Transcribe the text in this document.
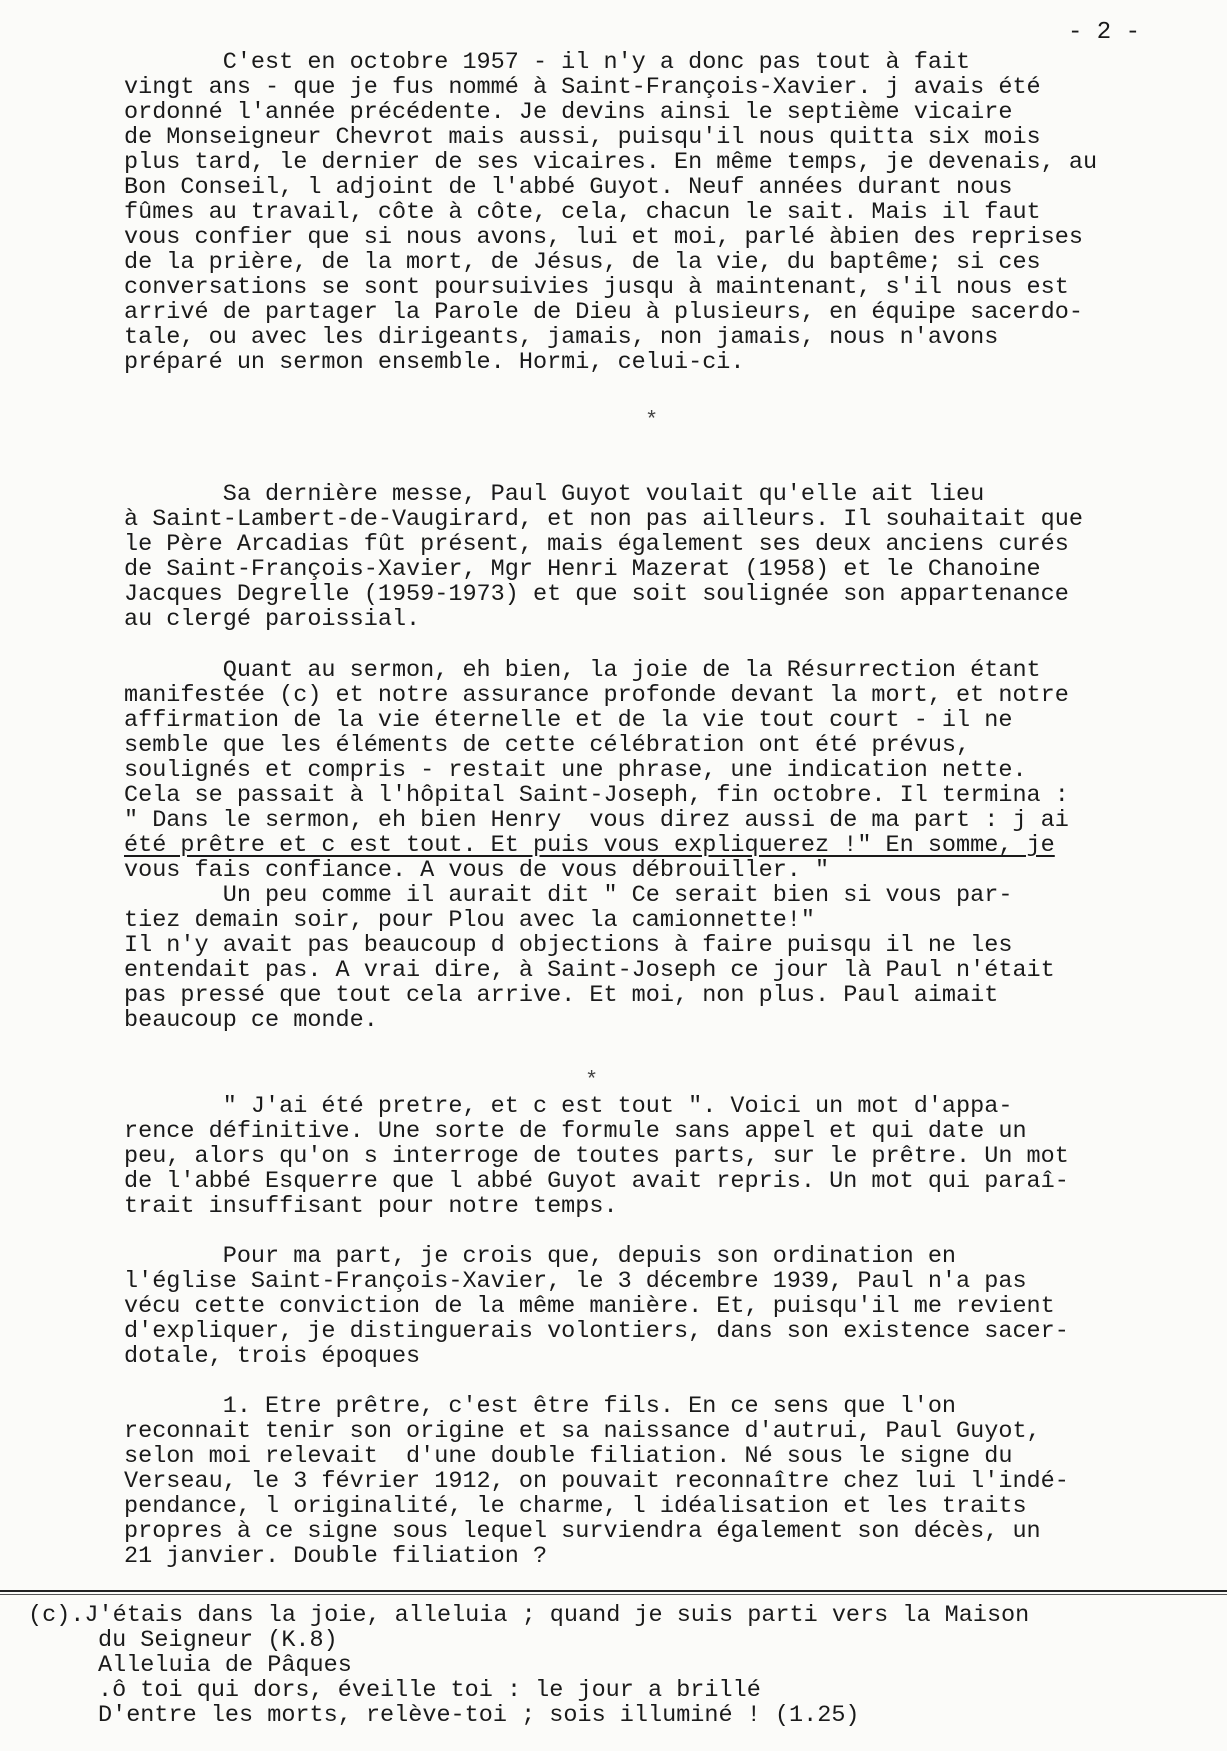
- 2 -
C'est en octobre 1957 - il n'y a donc pas tout à fait
vingt ans - que je fus nommé à Saint-François-Xavier. j avais été
ordonné l'année précédente. Je devins ainsi le septième vicaire
de Monseigneur Chevrot mais aussi, puisqu'il nous quitta six mois
plus tard, le dernier de ses vicaires. En même temps, je devenais, au
Bon Conseil, l adjoint de l'abbé Guyot. Neuf années durant nous
fûmes au travail, côte à côte, cela, chacun le sait. Mais il faut
vous confier que si nous avons, lui et moi, parlé àbien des reprises
de la prière, de la mort, de Jésus, de la vie, du baptême; si ces
conversations se sont poursuivies jusqu à maintenant, s'il nous est
arrivé de partager la Parole de Dieu à plusieurs, en équipe sacerdo-
tale, ou avec les dirigeants, jamais, non jamais, nous n'avons
préparé un sermon ensemble. Hormi, celui-ci.
*
Sa dernière messe, Paul Guyot voulait qu'elle ait lieu
à Saint-Lambert-de-Vaugirard, et non pas ailleurs. Il souhaitait que
le Père Arcadias fût présent, mais également ses deux anciens curés
de Saint-François-Xavier, Mgr Henri Mazerat (1958) et le Chanoine
Jacques Degrelle (1959-1973) et que soit soulignée son appartenance
au clergé paroissial.
Quant au sermon, eh bien, la joie de la Résurrection étant
manifestée (c) et notre assurance profonde devant la mort, et notre
affirmation de la vie éternelle et de la vie tout court - il ne
semble que les éléments de cette célébration ont été prévus,
soulignés et compris - restait une phrase, une indication nette.
Cela se passait à l'hôpital Saint-Joseph, fin octobre. Il termina :
" Dans le sermon, eh bien Henry  vous direz aussi de ma part : j ai
été prêtre et c est tout. Et puis vous expliquerez !" En somme, je
vous fais confiance. A vous de vous débrouiller. "
Un peu comme il aurait dit " Ce serait bien si vous par-
tiez demain soir, pour Plou avec la camionnette!"
Il n'y avait pas beaucoup d objections à faire puisqu il ne les
entendait pas. A vrai dire, à Saint-Joseph ce jour là Paul n'était
pas pressé que tout cela arrive. Et moi, non plus. Paul aimait
beaucoup ce monde.
*
" J'ai été pretre, et c est tout ". Voici un mot d'appa-
rence définitive. Une sorte de formule sans appel et qui date un
peu, alors qu'on s interroge de toutes parts, sur le prêtre. Un mot
de l'abbé Esquerre que l abbé Guyot avait repris. Un mot qui paraî-
trait insuffisant pour notre temps.
Pour ma part, je crois que, depuis son ordination en
l'église Saint-François-Xavier, le 3 décembre 1939, Paul n'a pas
vécu cette conviction de la même manière. Et, puisqu'il me revient
d'expliquer, je distinguerais volontiers, dans son existence sacer-
dotale, trois époques
1. Etre prêtre, c'est être fils. En ce sens que l'on
reconnait tenir son origine et sa naissance d'autrui, Paul Guyot,
selon moi relevait  d'une double filiation. Né sous le signe du
Verseau, le 3 février 1912, on pouvait reconnaître chez lui l'indé-
pendance, l originalité, le charme, l idéalisation et les traits
propres à ce signe sous lequel surviendra également son décès, un
21 janvier. Double filiation ?
(c).J'étais dans la joie, alleluia ; quand je suis parti vers la Maison
du Seigneur (K.8)
Alleluia de Pâques
.ô toi qui dors, éveille toi : le jour a brillé
D'entre les morts, relève-toi ; sois illuminé ! (1.25)
